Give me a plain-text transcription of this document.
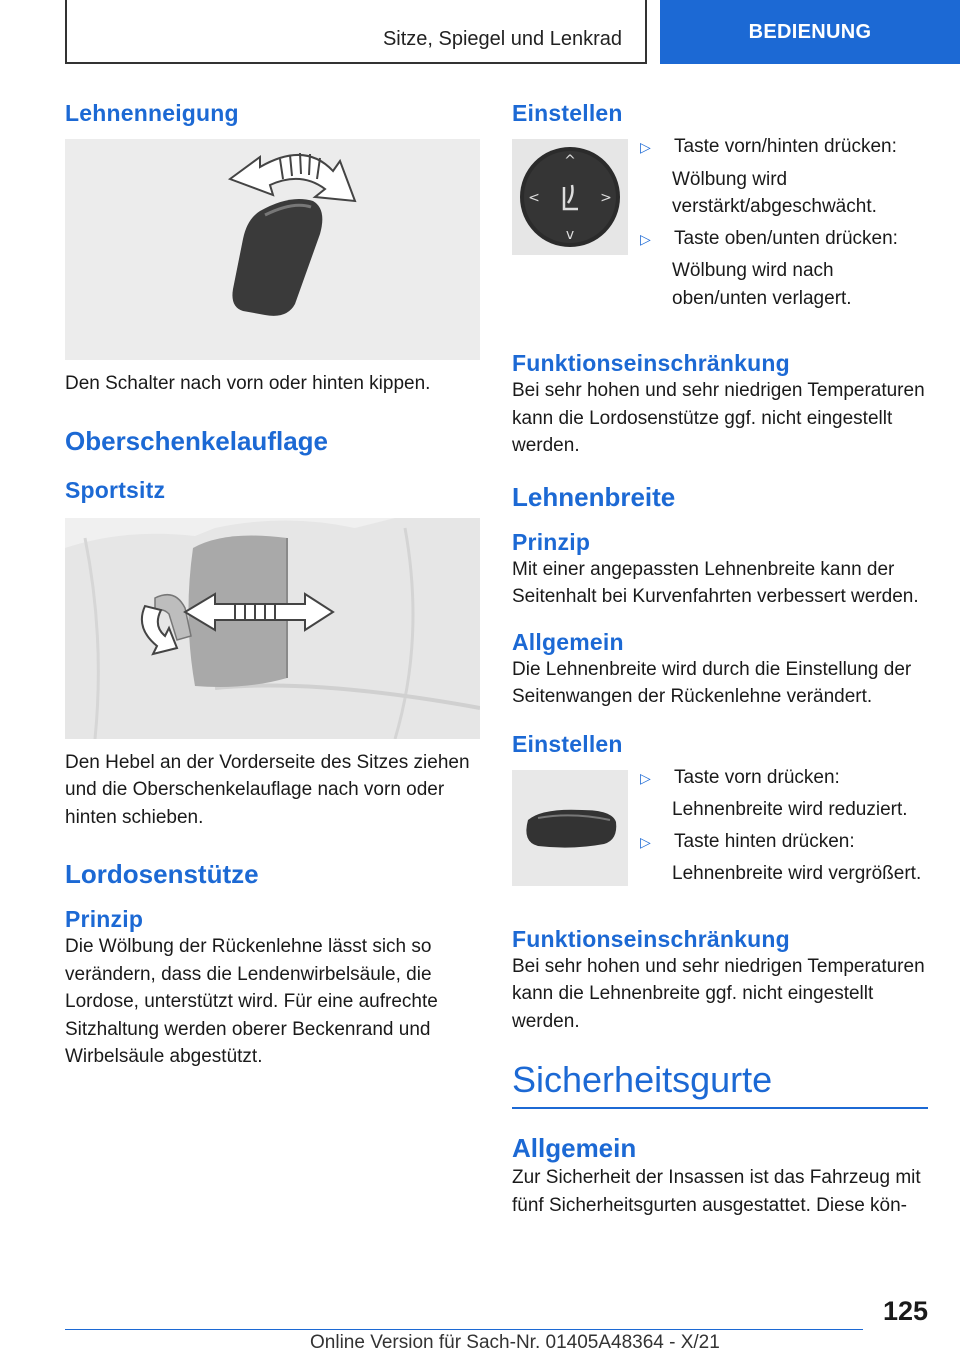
Sitze, Spiegel und Lenkrad	BEDIENUNG
Lehnenneigung

Den Schalter nach vorn oder hinten kippen.

Oberschenkelauflage
Sportsitz

Den Hebel an der Vorderseite des Sitzes ziehen und die Oberschenkelauflage nach vorn oder hinten schieben.

Lordosenstütze
Prinzip

Die Wölbung der Rückenlehne lässt sich so verändern, dass die Lendenwirbelsäule, die Lordose, unterstützt wird. Für eine aufrechte Sitzhaltung werden oberer Beckenrand und Wirbelsäule abgestützt.

Einstellen
^
v
<	>
▷	Taste vorn/hinten drücken:
Wölbung wird verstärkt/abgeschwächt.
▷	Taste oben/unten drücken:
Wölbung wird nach oben/unten verlagert.
Funktionseinschränkung

Bei sehr hohen und sehr niedrigen Temperaturen kann die Lordosenstütze ggf. nicht eingestellt werden.

Lehnenbreite
Prinzip

Mit einer angepassten Lehnenbreite kann der Seitenhalt bei Kurvenfahrten verbessert werden.

Allgemein

Die Lehnenbreite wird durch die Einstellung der Seitenwangen der Rückenlehne verändert.

Einstellen
▷	Taste vorn drücken:
Lehnenbreite wird reduziert.
▷	Taste hinten drücken:
Lehnenbreite wird vergrößert.
Funktionseinschränkung

Bei sehr hohen und sehr niedrigen Temperaturen kann die Lehnenbreite ggf. nicht eingestellt werden.

Sicherheitsgurte
Allgemein

Zur Sicherheit der Insassen ist das Fahrzeug mit fünf Sicherheitsgurten ausgestattet. Diese kön-

125
Online Version für Sach-Nr. 01405A48364 - X/21
